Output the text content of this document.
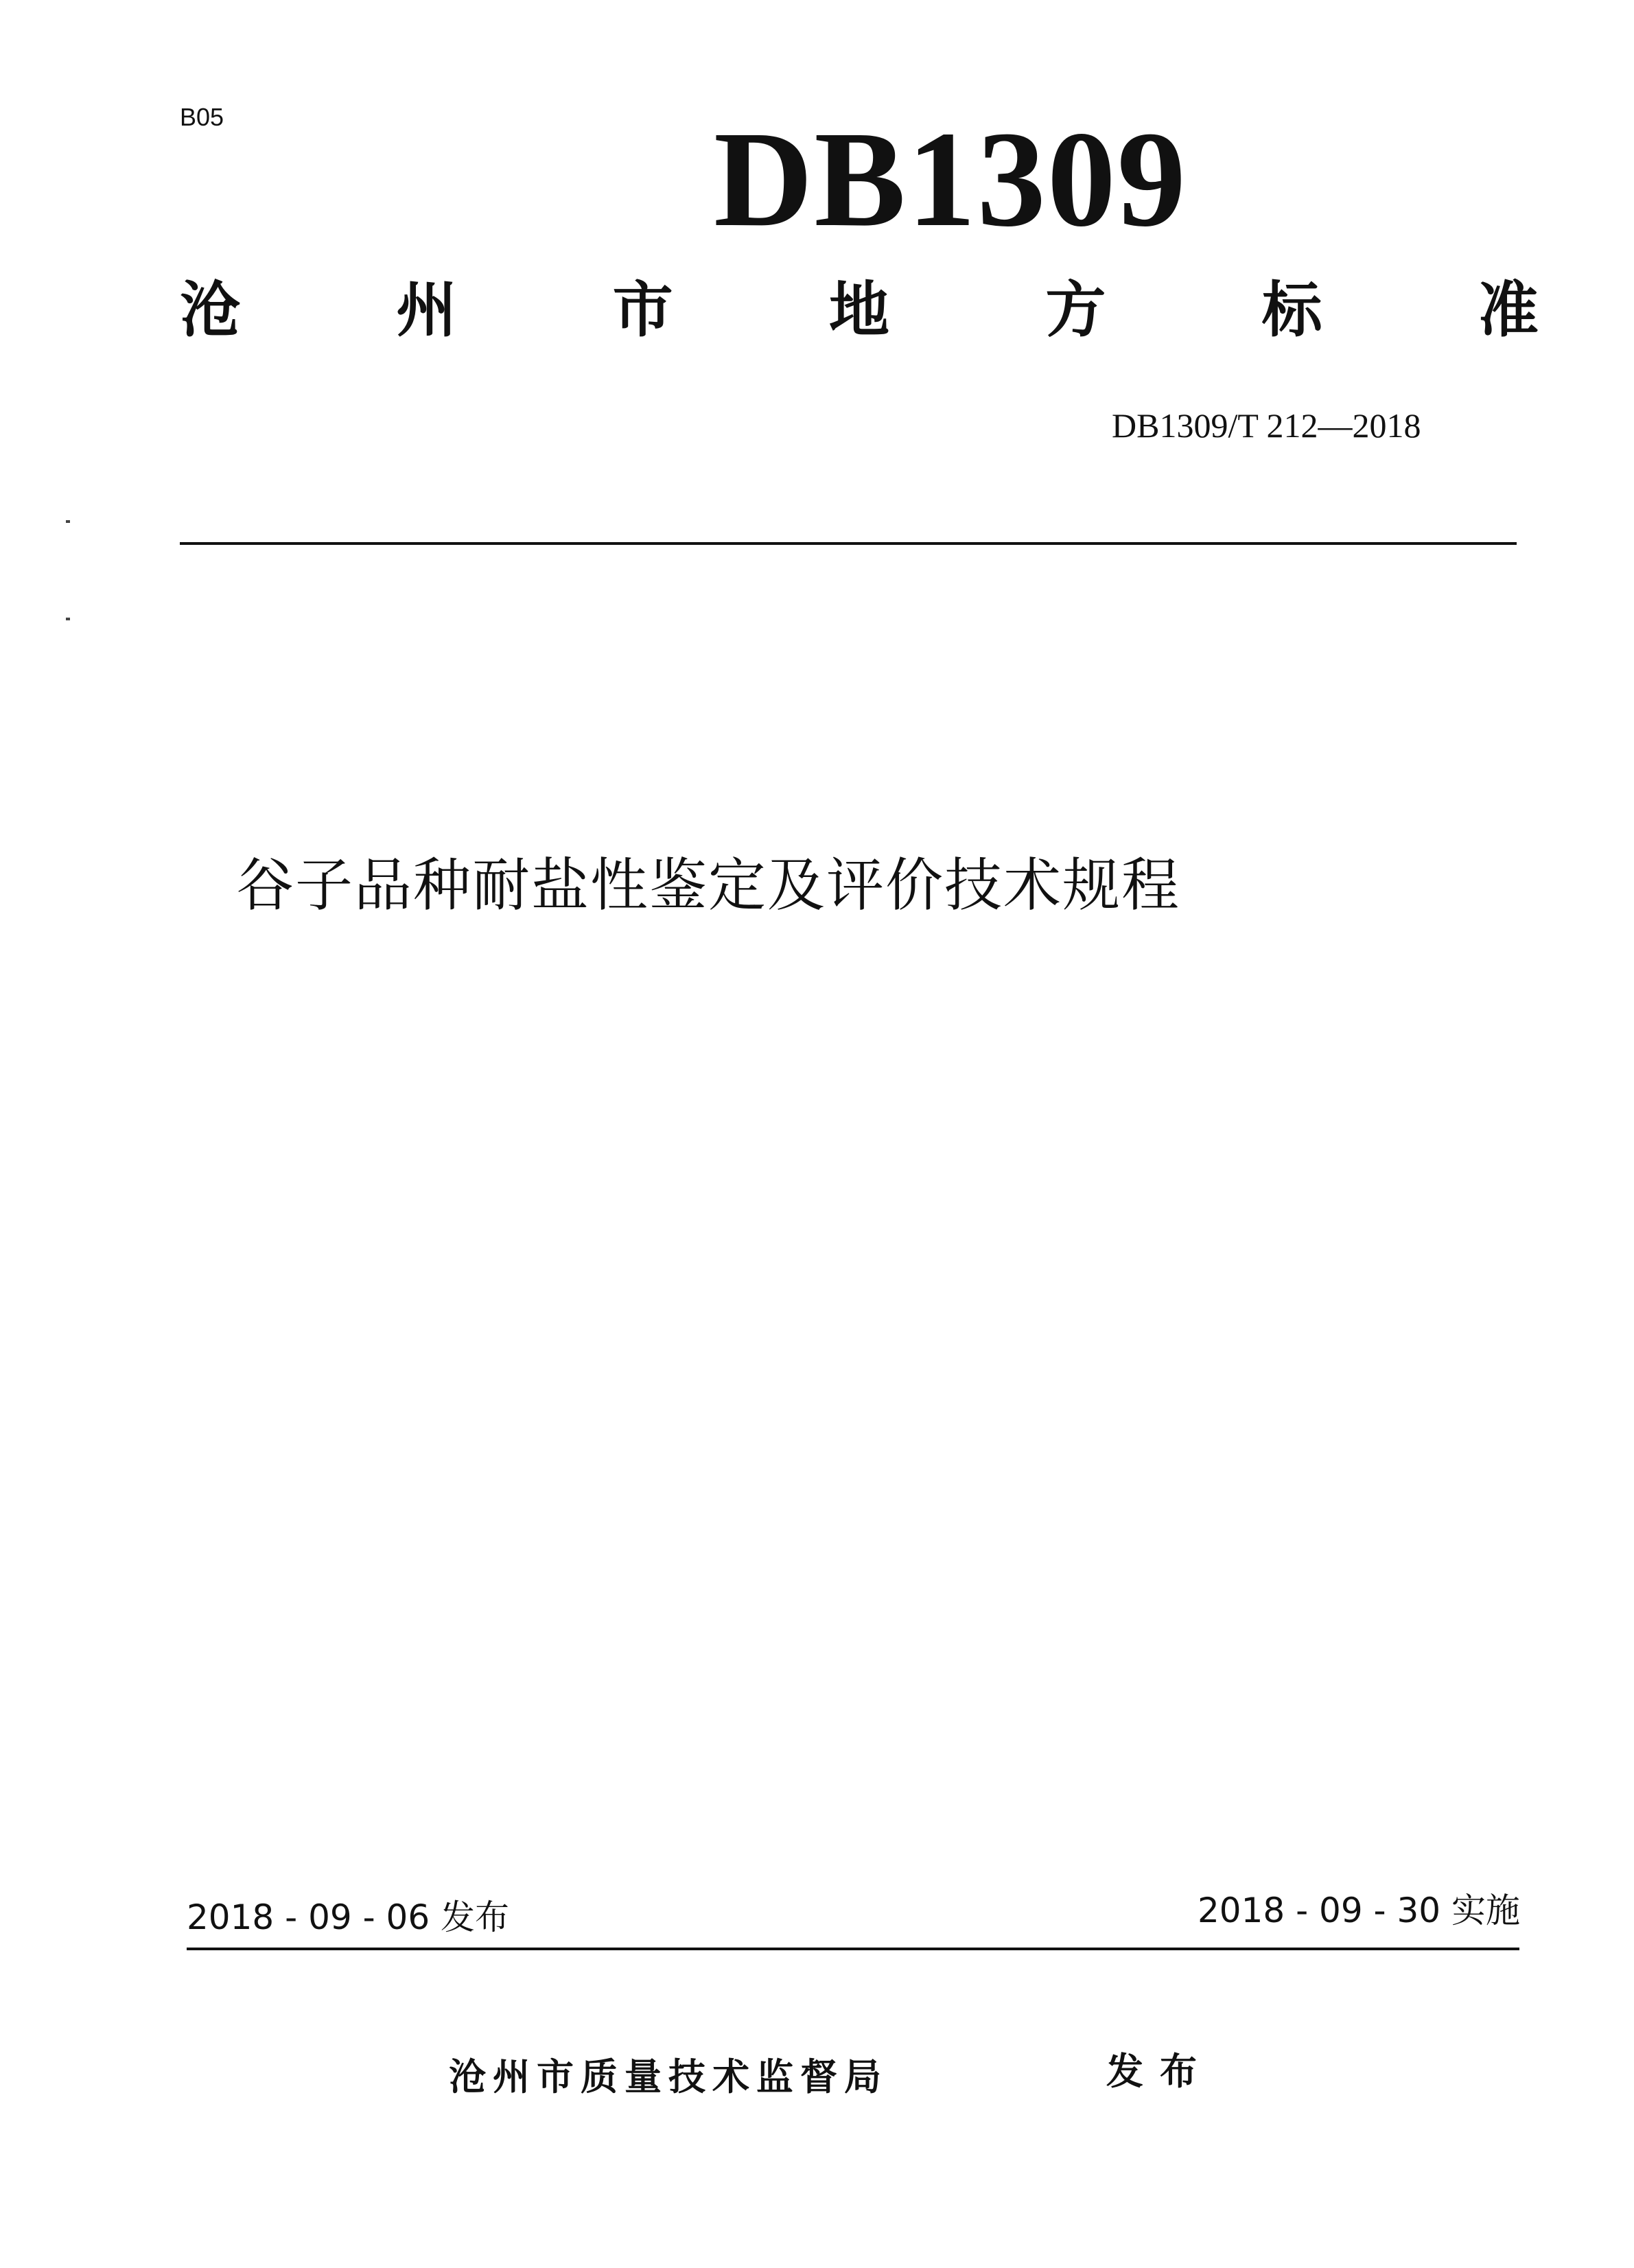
B05	DB1309
沧	州	市	地	方	标	准
DB1309/T 212—2018
谷子品种耐盐性鉴定及评价技术规程
2018 - 09 - 06 发布	2018 - 09 - 30 实施
沧州市质量技术监督局	发布
